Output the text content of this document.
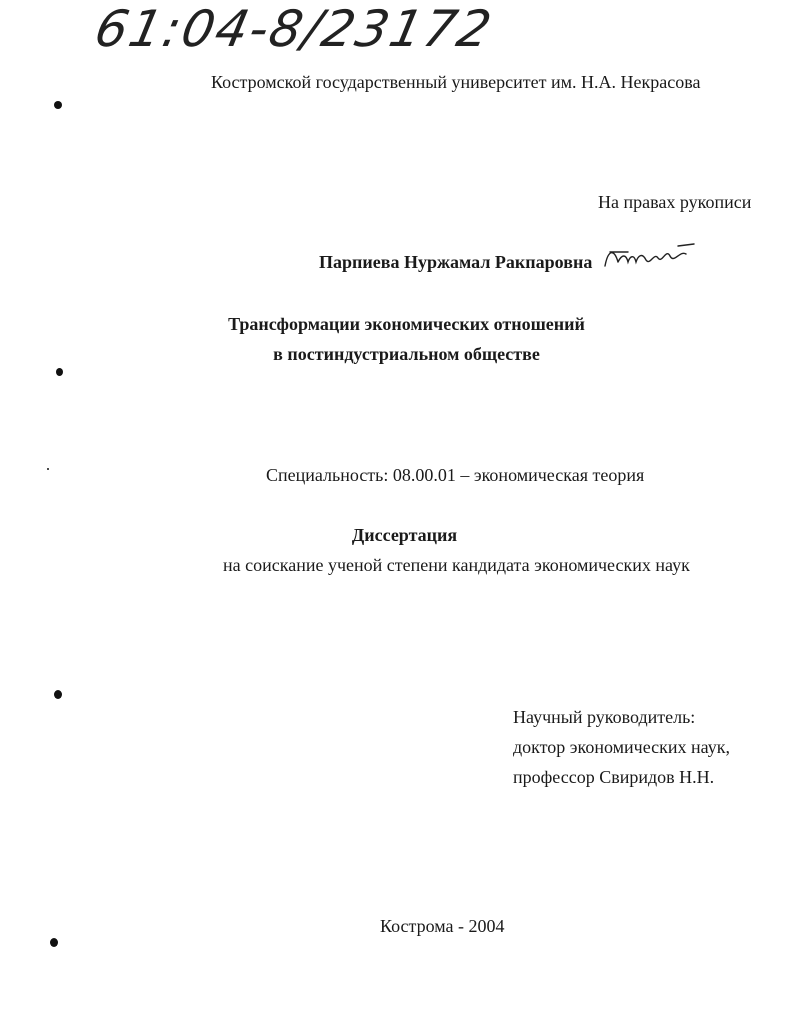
61:04-8/23172
Костромской государственный университет им. Н.А. Некрасова
На правах рукописи
Парпиева Нуржамал Ракпаровна
Трансформации экономических отношений
в постиндустриальном обществе
Специальность: 08.00.01 – экономическая теория
Диссертация
на соискание ученой степени кандидата экономических наук
Научный руководитель:
доктор экономических наук,
профессор Свиридов Н.Н.
Кострома - 2004
